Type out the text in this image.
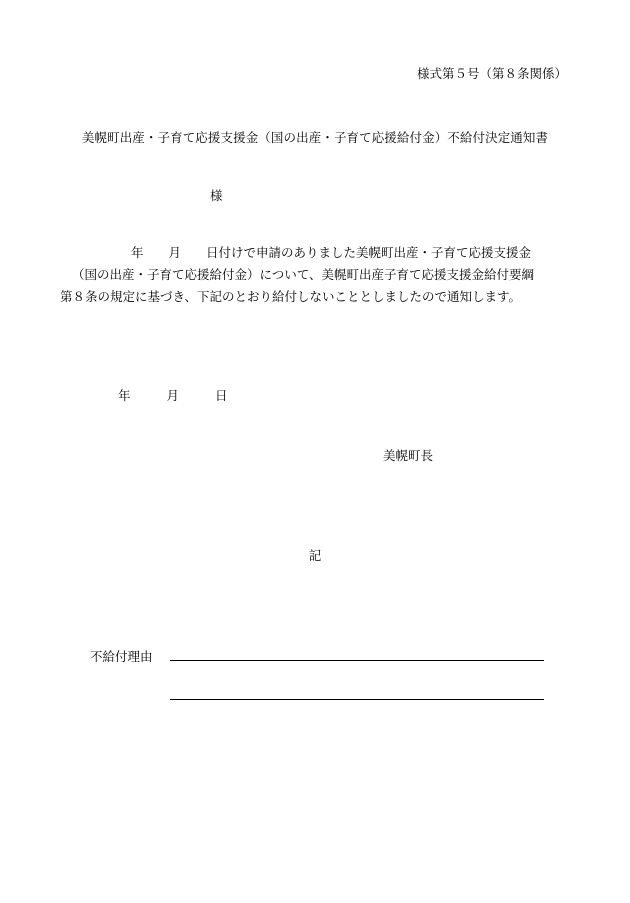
様式第５号（第８条関係）
美幌町出産・子育て応援支援金（国の出産・子育て応援給付金）不給付決定通知書
様
年　　月　　日付けで申請のありました美幌町出産・子育て応援支援金
（国の出産・子育て応援給付金）について、美幌町出産子育て応援支援金給付要綱
第８条の規定に基づき、下記のとおり給付しないこととしましたので通知します。
年	月	日
美幌町長
記
不給付理由
